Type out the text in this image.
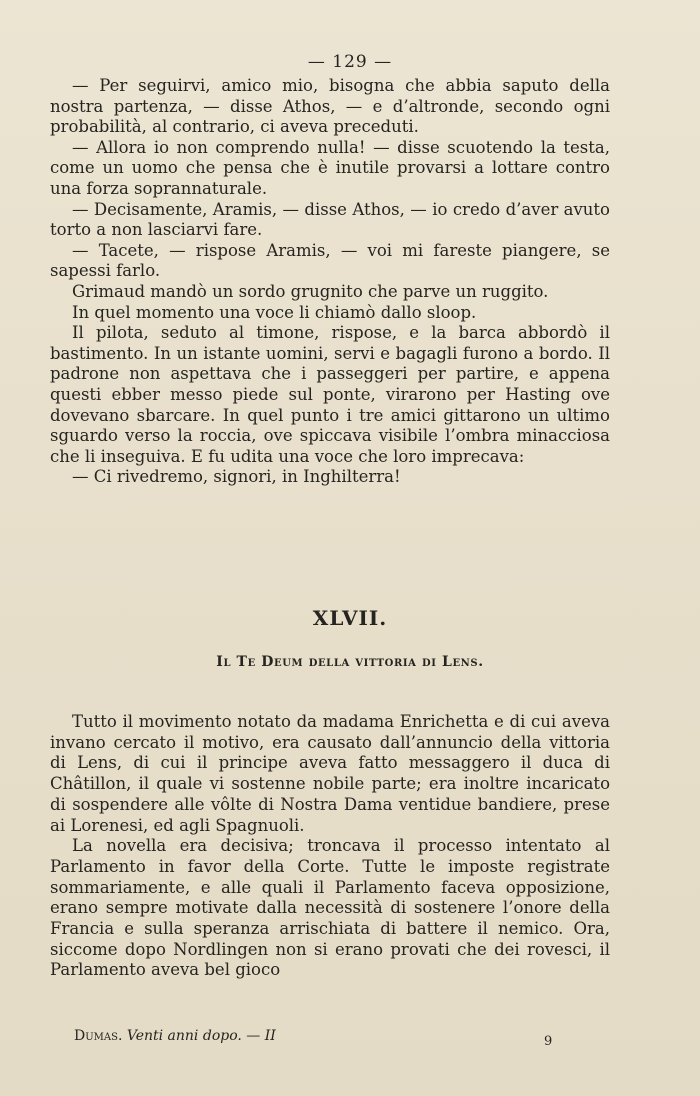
— 129 —

— Per seguirvi, amico mio, bisogna che abbia saputo della nostra partenza, — disse Athos, — e d’altronde, secondo ogni probabilità, al contrario, ci aveva preceduti.

— Allora io non comprendo nulla! — disse scuotendo la testa, come un uomo che pensa che è inutile provarsi a lottare contro una forza soprannaturale.

— Decisamente, Aramis, — disse Athos, — io credo d’aver avuto torto a non lasciarvi fare.

— Tacete, — rispose Aramis, — voi mi fareste piangere, se sapessi farlo.

Grimaud mandò un sordo grugnito che parve un ruggito.

In quel momento una voce li chiamò dallo sloop.

Il pilota, seduto al timone, rispose, e la barca abbordò il bastimento. In un istante uomini, servi e bagagli furono a bordo. Il padrone non aspettava che i passeggeri per partire, e appena questi ebber messo piede sul ponte, virarono per Hasting ove dovevano sbarcare. In quel punto i tre amici gittarono un ultimo sguardo verso la roccia, ove spiccava visibile l’ombra minacciosa che li inseguiva. E fu udita una voce che loro imprecava:

— Ci rivedremo, signori, in Inghilterra!

XLVII.
Il Te Deum della vittoria di Lens.

Tutto il movimento notato da madama Enrichetta e di cui aveva invano cercato il motivo, era causato dall’annuncio della vittoria di Lens, di cui il principe aveva fatto messaggero il duca di Châtillon, il quale vi sostenne nobile parte; era inoltre incaricato di sospendere alle vôlte di Nostra Dama ventidue bandiere, prese ai Lorenesi, ed agli Spagnuoli.

La novella era decisiva; troncava il processo intentato al Parlamento in favor della Corte. Tutte le imposte registrate sommariamente, e alle quali il Parlamento faceva opposizione, erano sempre motivate dalla necessità di sostenere l’onore della Francia e sulla speranza arrischiata di battere il nemico. Ora, siccome dopo Nordlingen non si erano provati che dei rovesci, il Parlamento aveva bel gioco

Dumas. Venti anni dopo. — II	9
